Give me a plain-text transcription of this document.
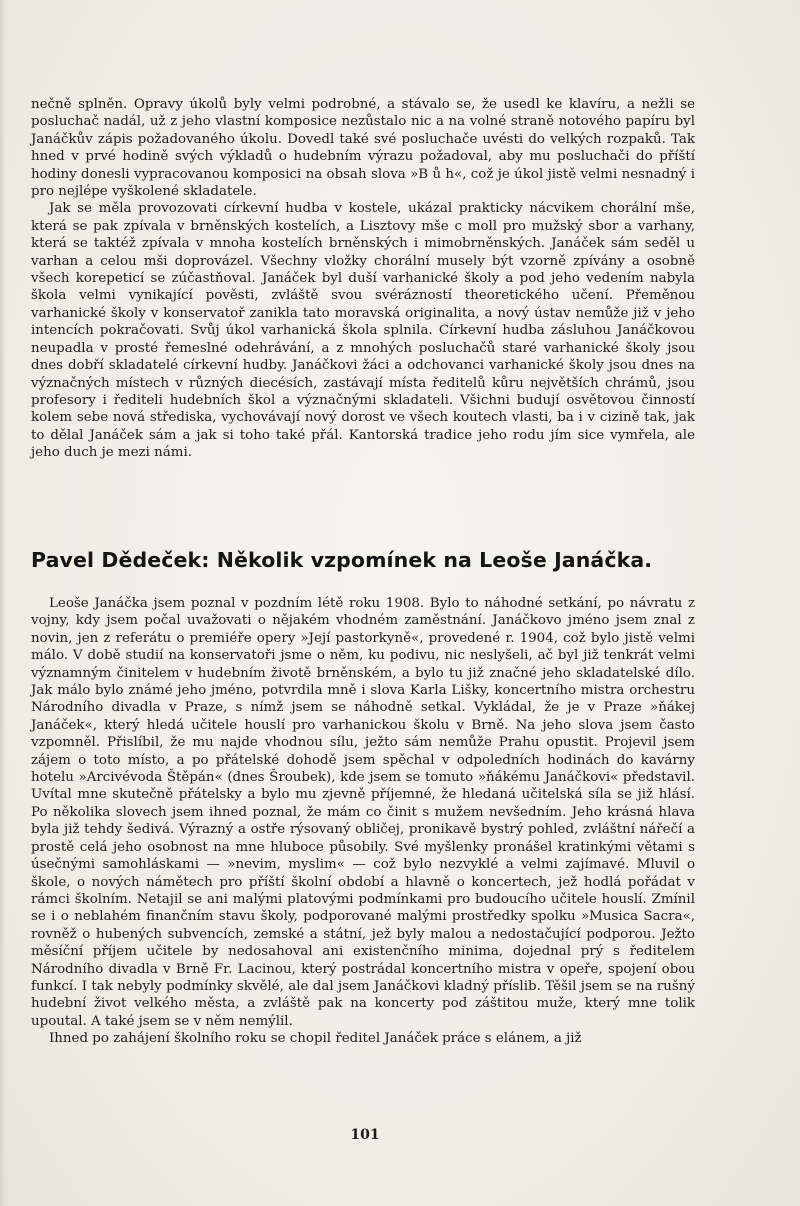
nečně splněn. Opravy úkolů byly velmi podrobné, a stávalo se, že usedl ke klavíru, a nežli se posluchač nadál, už z jeho vlastní komposice nezůstalo nic a na volné straně notového papíru byl Janáčkův zápis požadovaného úkolu. Dovedl také své posluchače uvésti do velkých rozpaků. Tak hned v prvé hodině svých výkladů o hudebním výrazu požadoval, aby mu posluchači do příští hodiny donesli vypracovanou komposici na obsah slova »B ů h«, což je úkol jistě velmi nesnadný i pro nejlépe vyškolené skladatele.

Jak se měla provozovati církevní hudba v kostele, ukázal prakticky nácvikem chorální mše, která se pak zpívala v brněnských kostelích, a Lisztovy mše c moll pro mužský sbor a varhany, která se taktéž zpívala v mnoha kostelích brněnských i mimobrněnských. Janáček sám seděl u varhan a celou mši doprovázel. Všechny vložky chorální musely být vzorně zpívány a osobně všech korepeticí se zúčastňoval. Janáček byl duší varhanické školy a pod jeho vedením nabyla škola velmi vynikající pověsti, zvláště svou svérázností theoretického učení. Přeměnou varhanické školy v konservatoř zanikla tato moravská originalita, a nový ústav nemůže již v jeho intencích pokračovati. Svůj úkol varhanická škola splnila. Církevní hudba zásluhou Janáčkovou neupadla v prosté řemeslné odehrávání, a z mnohých posluchačů staré varhanické školy jsou dnes dobří skladatelé církevní hudby. Janáčkovi žáci a odchovanci varhanické školy jsou dnes na význačných místech v různých diecésích, zastávají místa ředitelů kůru největších chrámů, jsou profesory i řediteli hudebních škol a význačnými skladateli. Všichni budují osvětovou činností kolem sebe nová střediska, vychovávají nový dorost ve všech koutech vlasti, ba i v cizině tak, jak to dělal Janáček sám a jak si toho také přál. Kantorská tradice jeho rodu jím sice vymřela, ale jeho duch je mezi námi.

Pavel Dědeček: Několik vzpomínek na Leoše Janáčka.

Leoše Janáčka jsem poznal v pozdním létě roku 1908. Bylo to náhodné setkání, po návratu z vojny, kdy jsem počal uvažovati o nějakém vhodném zaměstnání. Janáčkovo jméno jsem znal z novin, jen z referátu o premiéře opery »Její pastorkyně«, provedené r. 1904, což bylo jistě velmi málo. V době studií na konservatoři jsme o něm, ku podivu, nic neslyšeli, ač byl již tenkrát velmi významným činitelem v hudebním životě brněnském, a bylo tu již značné jeho skladatelské dílo. Jak málo bylo známé jeho jméno, potvrdila mně i slova Karla Lišky, koncertního mistra orchestru Národního divadla v Praze, s nímž jsem se náhodně setkal. Vykládal, že je v Praze »ňákej Janáček«, který hledá učitele houslí pro varhanickou školu v Brně. Na jeho slova jsem často vzpomněl. Přislíbil, že mu najde vhodnou sílu, ježto sám nemůže Prahu opustit. Projevil jsem zájem o toto místo, a po přátelské dohodě jsem spěchal v odpoledních hodinách do kavárny hotelu »Arcivévoda Štěpán« (dnes Šroubek), kde jsem se tomuto »ňákému Janáčkovi« představil. Uvítal mne skutečně přátelsky a bylo mu zjevně příjemné, že hledaná učitelská síla se již hlásí. Po několika slovech jsem ihned poznal, že mám co činit s mužem nevšedním. Jeho krásná hlava byla již tehdy šedivá. Výrazný a ostře rýsovaný obličej, pronikavě bystrý pohled, zvláštní nářečí a prostě celá jeho osobnost na mne hluboce působily. Své myšlenky pronášel kratinkými větami s úsečnými samohláskami — »nevim, myslim« — což bylo nezvyklé a velmi zajímavé. Mluvil o škole, o nových námětech pro příští školní období a hlavně o koncertech, jež hodlá pořádat v rámci školním. Netajil se ani malými platovými podmínkami pro budoucího učitele houslí. Zmínil se i o neblahém finančním stavu školy, podporované malými prostředky spolku »Musica Sacra«, rovněž o hubených subvencích, zemské a státní, jež byly malou a nedostačující podporou. Ježto měsíční příjem učitele by nedosahoval ani existenčního minima, dojednal prý s ředitelem Národního divadla v Brně Fr. Lacinou, který postrádal koncertního mistra v opeře, spojení obou funkcí. I tak nebyly podmínky skvělé, ale dal jsem Janáčkovi kladný příslib. Těšil jsem se na rušný hudební život velkého města, a zvláště pak na koncerty pod záštitou muže, který mne tolik upoutal. A také jsem se v něm nemýlil.

Ihned po zahájení školního roku se chopil ředitel Janáček práce s elánem, a již

101
